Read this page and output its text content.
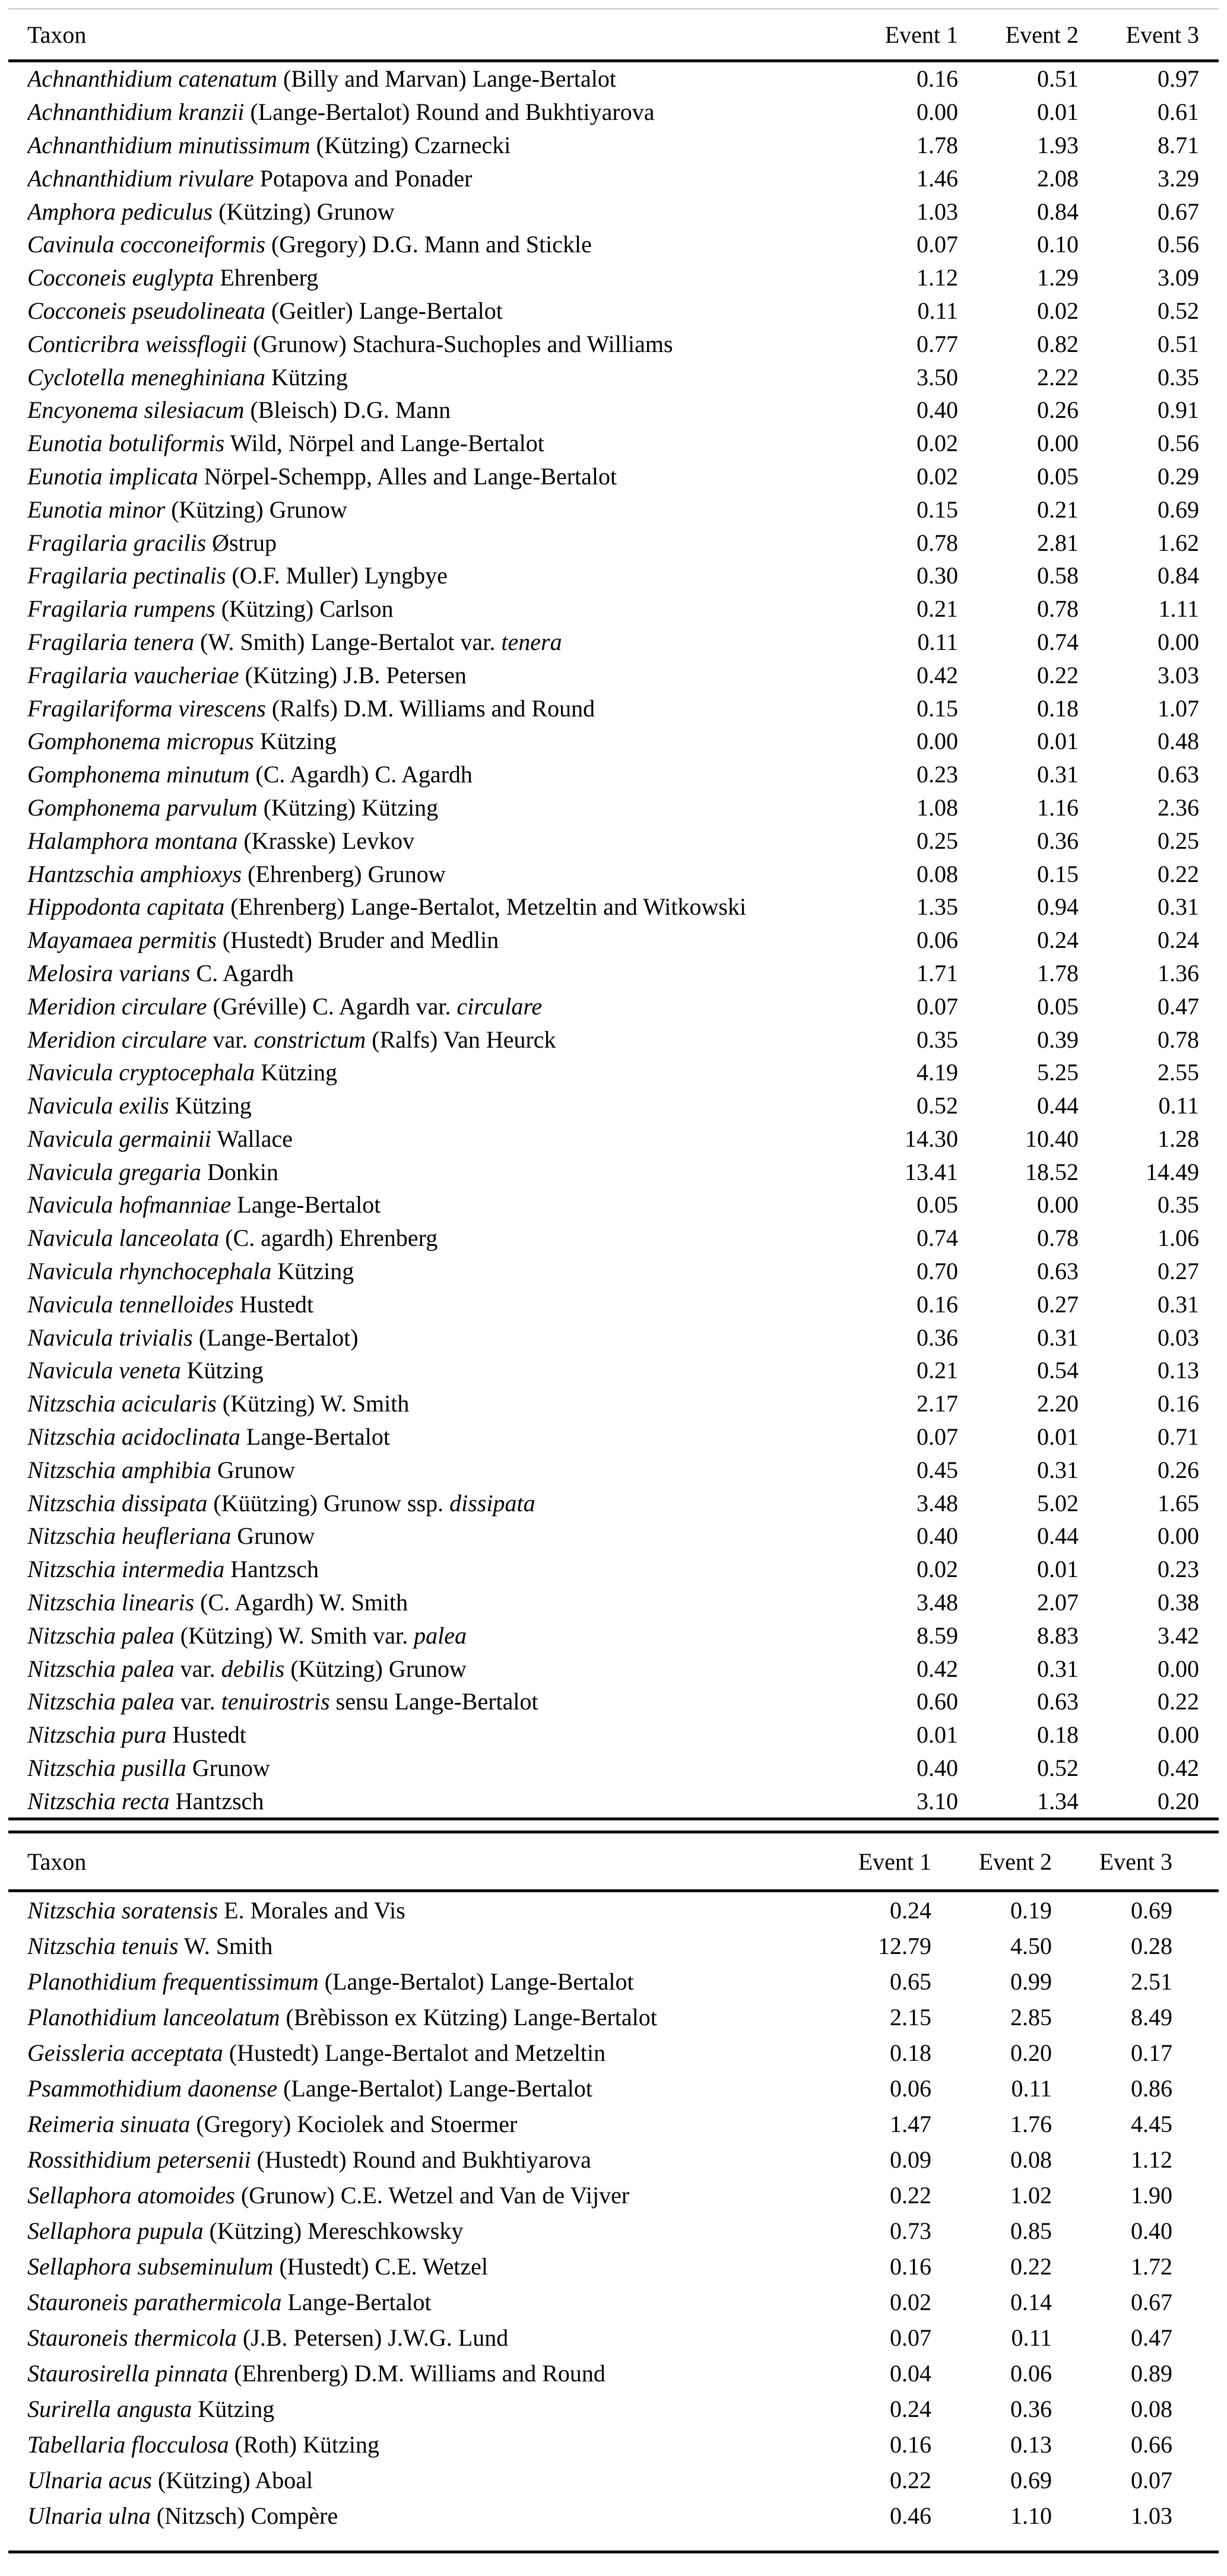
Taxon	Event 1	Event 2	Event 3
Achnanthidium catenatum (Billy and Marvan) Lange-Bertalot	0.16	0.51	0.97
Achnanthidium kranzii (Lange-Bertalot) Round and Bukhtiyarova	0.00	0.01	0.61
Achnanthidium minutissimum (Kützing) Czarnecki	1.78	1.93	8.71
Achnanthidium rivulare Potapova and Ponader	1.46	2.08	3.29
Amphora pediculus (Kützing) Grunow	1.03	0.84	0.67
Cavinula cocconeiformis (Gregory) D.G. Mann and Stickle	0.07	0.10	0.56
Cocconeis euglypta Ehrenberg	1.12	1.29	3.09
Cocconeis pseudolineata (Geitler) Lange-Bertalot	0.11	0.02	0.52
Conticribra weissflogii (Grunow) Stachura-Suchoples and Williams	0.77	0.82	0.51
Cyclotella meneghiniana Kützing	3.50	2.22	0.35
Encyonema silesiacum (Bleisch) D.G. Mann	0.40	0.26	0.91
Eunotia botuliformis Wild, Nörpel and Lange-Bertalot	0.02	0.00	0.56
Eunotia implicata Nörpel-Schempp, Alles and Lange-Bertalot	0.02	0.05	0.29
Eunotia minor (Kützing) Grunow	0.15	0.21	0.69
Fragilaria gracilis Østrup	0.78	2.81	1.62
Fragilaria pectinalis (O.F. Muller) Lyngbye	0.30	0.58	0.84
Fragilaria rumpens (Kützing) Carlson	0.21	0.78	1.11
Fragilaria tenera (W. Smith) Lange-Bertalot var. tenera	0.11	0.74	0.00
Fragilaria vaucheriae (Kützing) J.B. Petersen	0.42	0.22	3.03
Fragilariforma virescens (Ralfs) D.M. Williams and Round	0.15	0.18	1.07
Gomphonema micropus Kützing	0.00	0.01	0.48
Gomphonema minutum (C. Agardh) C. Agardh	0.23	0.31	0.63
Gomphonema parvulum (Kützing) Kützing	1.08	1.16	2.36
Halamphora montana (Krasske) Levkov	0.25	0.36	0.25
Hantzschia amphioxys (Ehrenberg) Grunow	0.08	0.15	0.22
Hippodonta capitata (Ehrenberg) Lange-Bertalot, Metzeltin and Witkowski	1.35	0.94	0.31
Mayamaea permitis (Hustedt) Bruder and Medlin	0.06	0.24	0.24
Melosira varians C. Agardh	1.71	1.78	1.36
Meridion circulare (Gréville) C. Agardh var. circulare	0.07	0.05	0.47
Meridion circulare var. constrictum (Ralfs) Van Heurck	0.35	0.39	0.78
Navicula cryptocephala Kützing	4.19	5.25	2.55
Navicula exilis Kützing	0.52	0.44	0.11
Navicula germainii Wallace	14.30	10.40	1.28
Navicula gregaria Donkin	13.41	18.52	14.49
Navicula hofmanniae Lange-Bertalot	0.05	0.00	0.35
Navicula lanceolata (C. agardh) Ehrenberg	0.74	0.78	1.06
Navicula rhynchocephala Kützing	0.70	0.63	0.27
Navicula tennelloides Hustedt	0.16	0.27	0.31
Navicula trivialis (Lange-Bertalot)	0.36	0.31	0.03
Navicula veneta Kützing	0.21	0.54	0.13
Nitzschia acicularis (Kützing) W. Smith	2.17	2.20	0.16
Nitzschia acidoclinata Lange-Bertalot	0.07	0.01	0.71
Nitzschia amphibia Grunow	0.45	0.31	0.26
Nitzschia dissipata (Küützing) Grunow ssp. dissipata	3.48	5.02	1.65
Nitzschia heufleriana Grunow	0.40	0.44	0.00
Nitzschia intermedia Hantzsch	0.02	0.01	0.23
Nitzschia linearis (C. Agardh) W. Smith	3.48	2.07	0.38
Nitzschia palea (Kützing) W. Smith var. palea	8.59	8.83	3.42
Nitzschia palea var. debilis (Kützing) Grunow	0.42	0.31	0.00
Nitzschia palea var. tenuirostris sensu Lange-Bertalot	0.60	0.63	0.22
Nitzschia pura Hustedt	0.01	0.18	0.00
Nitzschia pusilla Grunow	0.40	0.52	0.42
Nitzschia recta Hantzsch	3.10	1.34	0.20
Taxon	Event 1	Event 2	Event 3
Nitzschia soratensis E. Morales and Vis	0.24	0.19	0.69
Nitzschia tenuis W. Smith	12.79	4.50	0.28
Planothidium frequentissimum (Lange-Bertalot) Lange-Bertalot	0.65	0.99	2.51
Planothidium lanceolatum (Brèbisson ex Kützing) Lange-Bertalot	2.15	2.85	8.49
Geissleria acceptata (Hustedt) Lange-Bertalot and Metzeltin	0.18	0.20	0.17
Psammothidium daonense (Lange-Bertalot) Lange-Bertalot	0.06	0.11	0.86
Reimeria sinuata (Gregory) Kociolek and Stoermer	1.47	1.76	4.45
Rossithidium petersenii (Hustedt) Round and Bukhtiyarova	0.09	0.08	1.12
Sellaphora atomoides (Grunow) C.E. Wetzel and Van de Vijver	0.22	1.02	1.90
Sellaphora pupula (Kützing) Mereschkowsky	0.73	0.85	0.40
Sellaphora subseminulum (Hustedt) C.E. Wetzel	0.16	0.22	1.72
Stauroneis parathermicola Lange-Bertalot	0.02	0.14	0.67
Stauroneis thermicola (J.B. Petersen) J.W.G. Lund	0.07	0.11	0.47
Staurosirella pinnata (Ehrenberg) D.M. Williams and Round	0.04	0.06	0.89
Surirella angusta Kützing	0.24	0.36	0.08
Tabellaria flocculosa (Roth) Kützing	0.16	0.13	0.66
Ulnaria acus (Kützing) Aboal	0.22	0.69	0.07
Ulnaria ulna (Nitzsch) Compère	0.46	1.10	1.03
